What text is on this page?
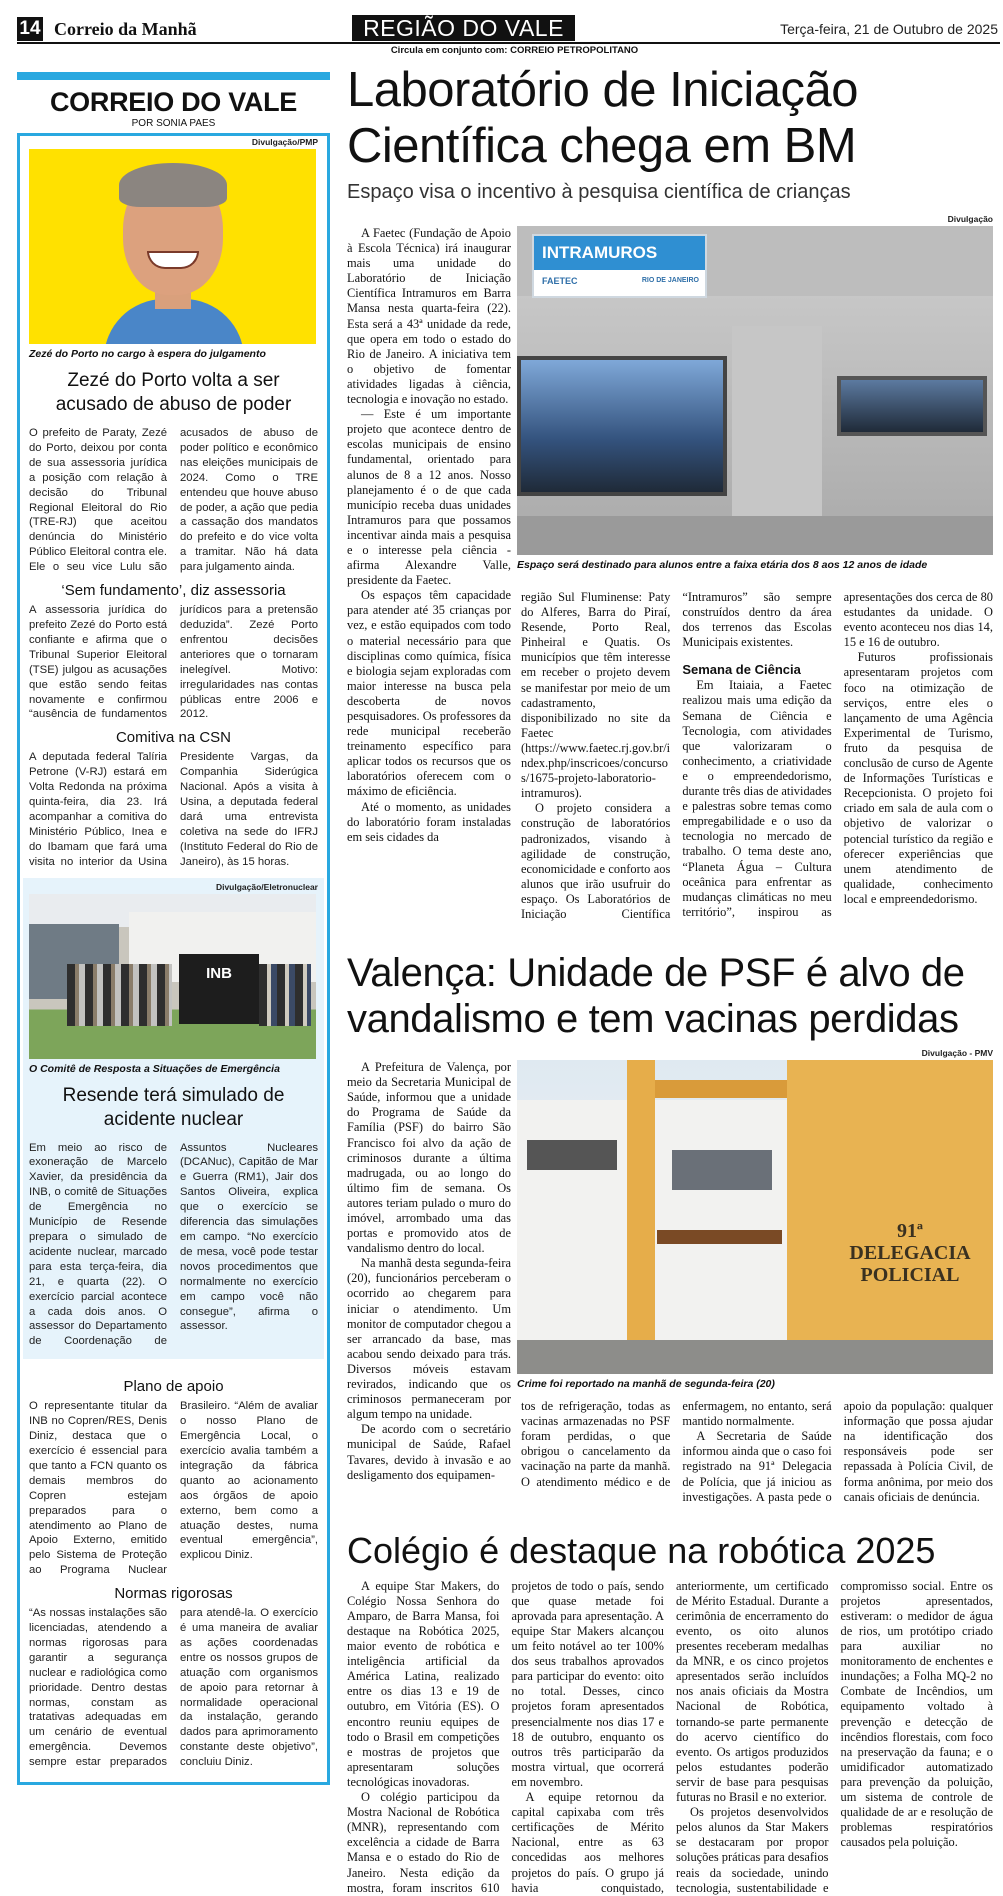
14 Correio da Manhã	REGIÃO DO VALE	Terça-feira, 21 de Outubro de 2025
Circula em conjunto com: CORREIO PETROPOLITANO
CORREIO DO VALE
POR SONIA PAES
Divulgação/PMP
Zezé do Porto no cargo à espera do julgamento
Zezé do Porto volta a ser acusado de abuso de poder
O prefeito de Paraty, Zezé do Porto, deixou por conta de sua assessoria jurídica a posição com relação à decisão do Tribunal Regional Eleitoral do Rio (TRE-RJ) que aceitou denúncia do Ministério Público Eleitoral contra ele. Ele o seu vice Lulu são acusados de abuso de poder político e econômico nas eleições municipais de 2024. Como o TRE entendeu que houve abuso de poder, a ação que pedia a cassação dos mandatos do prefeito e do vice volta a tramitar. Não há data para julgamento ainda.
‘Sem fundamento’, diz assessoria
A assessoria jurídica do prefeito Zezé do Porto está confiante e afirma que o Tribunal Superior Eleitoral (TSE) julgou as acusações que estão sendo feitas novamente e confirmou “ausência de fundamentos jurídicos para a pretensão deduzida”. Zezé Porto enfrentou decisões anteriores que o tornaram inelegível. Motivo: irregularidades nas contas públicas entre 2006 e 2012.
Comitiva na CSN
A deputada federal Talíria Petrone (V-RJ) estará em Volta Redonda na próxima quinta-feira, dia 23. Irá acompanhar a comitiva do Ministério Público, Inea e do Ibamam que fará uma visita no interior da Usina Presidente Vargas, da Companhia Siderúgica Nacional. Após a visita à Usina, a deputada federal dará uma entrevista coletiva na sede do IFRJ (Instituto Federal do Rio de Janeiro), às 15 horas.
Divulgação/Eletronuclear
INB
O Comitê de Resposta a Situações de Emergência
Resende terá simulado de acidente nuclear
Em meio ao risco de exoneração de Marcelo Xavier, da presidência da INB, o comitê de Situações de Emergência no Município de Resende prepara o simulado de acidente nuclear, marcado para esta terça-feira, dia 21, e quarta (22). O exercício parcial acontece a cada dois anos. O assessor do Departamento de Coordenação de Assuntos Nucleares (DCANuc), Capitão de Mar e Guerra (RM1), Jair dos Santos Oliveira, explica que o exercício se diferencia das simulações em campo. “No exercício de mesa, você pode testar novos procedimentos que normalmente no exercício em campo você não consegue”, afirma o assessor.
Plano de apoio
O representante titular da INB no Copren/RES, Denis Diniz, destaca que o exercício é essencial para que tanto a FCN quanto os demais membros do Copren estejam preparados para o atendimento ao Plano de Apoio Externo, emitido pelo Sistema de Proteção ao Programa Nuclear Brasileiro. “Além de avaliar o nosso Plano de Emergência Local, o exercício avalia também a integração da fábrica quanto ao acionamento aos órgãos de apoio externo, bem como a atuação destes, numa eventual emergência”, explicou Diniz.
Normas rigorosas
“As nossas instalações são licenciadas, atendendo a normas rigorosas para garantir a segurança nuclear e radiológica como prioridade. Dentro destas normas, constam as tratativas adequadas em um cenário de eventual emergência. Devemos sempre estar preparados para atendê-la. O exercício é uma maneira de avaliar as ações coordenadas entre os nossos grupos de atuação com organismos de apoio para retornar à normalidade operacional da instalação, gerando dados para aprimoramento constante deste objetivo”, concluiu Diniz.
Laboratório de Iniciação Científica chega em BM
Espaço visa o incentivo à pesquisa científica de crianças

A Faetec (Fundação de Apoio à Escola Técnica) irá inaugurar mais uma unidade do Laboratório de Iniciação Científica Intramuros em Barra Mansa nesta quarta-feira (22). Esta será a 43ª unidade da rede, que opera em todo o estado do Rio de Janeiro. A iniciativa tem o objetivo de fomentar atividades ligadas à ciência, tecnologia e inovação no estado.

— Este é um importante projeto que acontece dentro de escolas municipais de ensino fundamental, orientado para alunos de 8 a 12 anos. Nosso planejamento é o de que cada município receba duas unidades Intramuros para que possamos incentivar ainda mais a pesquisa e o interesse pela ciência - afirma Alexandre Valle, presidente da Faetec.

Os espaços têm capacidade para atender até 35 crianças por vez, e estão equipados com todo o material necessário para que disciplinas como química, física e biologia sejam exploradas com maior interesse na busca pela descoberta de novos pesquisadores. Os professores da rede municipal receberão treinamento específico para aplicar todos os recursos que os laboratórios oferecem com o máximo de eficiência.

Até o momento, as unidades do laboratório foram instaladas em seis cidades da

Divulgação
INTRAMUROS
FAETEC	RIO DE JANEIRO
Espaço será destinado para alunos entre a faixa etária dos 8 aos 12 anos de idade

região Sul Fluminense: Paty do Alferes, Barra do Piraí, Resende, Porto Real, Pinheiral e Quatis. Os municípios que têm interesse em receber o projeto devem se manifestar por meio de um cadastramento, disponibilizado no site da Faetec (https://www.faetec.rj.gov.br/index.php/inscricoes/concursos/1675-projeto-laboratorio-intramuros).

O projeto considera a construção de laboratórios padronizados, visando à agilidade de construção, economicidade e conforto aos alunos que irão usufruir do espaço. Os Laboratórios de Iniciação Científica “Intramuros” são sempre construídos dentro da área dos terrenos das Escolas Municipais existentes.

Semana de Ciência

Em Itaiaia, a Faetec realizou mais uma edição da Semana de Ciência e Tecnologia, com atividades que valorizaram o conhecimento, a criatividade e o empreendedorismo, durante três dias de atividades e palestras sobre temas como empregabilidade e o uso da tecnologia no mercado de trabalho. O tema deste ano, “Planeta Água – Cultura oceânica para enfrentar as mudanças climáticas no meu território”, inspirou as apresentações dos cerca de 80 estudantes da unidade. O evento aconteceu nos dias 14, 15 e 16 de outubro.

Futuros profissionais apresentaram projetos com foco na otimização de serviços, entre eles o lançamento de uma Agência Experimental de Turismo, fruto da pesquisa de conclusão de curso de Agente de Informações Turísticas e Recepcionista. O projeto foi criado em sala de aula com o objetivo de valorizar o potencial turístico da região e oferecer experiências que unem atendimento de qualidade, conhecimento local e empreendedorismo.

Valença: Unidade de PSF é alvo de vandalismo e tem vacinas perdidas

A Prefeitura de Valença, por meio da Secretaria Municipal de Saúde, informou que a unidade do Programa de Saúde da Família (PSF) do bairro São Francisco foi alvo da ação de criminosos durante a última madrugada, ou ao longo do último fim de semana. Os autores teriam pulado o muro do imóvel, arrombado uma das portas e promovido atos de vandalismo dentro do local.

Na manhã desta segunda-feira (20), funcionários perceberam o ocorrido ao chegarem para iniciar o atendimento. Um monitor de computador chegou a ser arrancado da base, mas acabou sendo deixado para trás. Diversos móveis estavam revirados, indicando que os criminosos permaneceram por algum tempo na unidade.

De acordo com o secretário municipal de Saúde, Rafael Tavares, devido à invasão e ao desligamento dos equipamen-

Divulgação - PMV
91ª DELEGACIA POLICIAL
Crime foi reportado na manhã de segunda-feira (20)

tos de refrigeração, todas as vacinas armazenadas no PSF foram perdidas, o que obrigou o cancelamento da vacinação na parte da manhã. O atendimento médico e de enfermagem, no entanto, será mantido normalmente.

A Secretaria de Saúde informou ainda que o caso foi registrado na 91ª Delegacia de Polícia, que já iniciou as investigações. A pasta pede o apoio da população: qualquer informação que possa ajudar na identificação dos responsáveis pode ser repassada à Polícia Civil, de forma anônima, por meio dos canais oficiais de denúncia.

Colégio é destaque na robótica 2025

A equipe Star Makers, do Colégio Nossa Senhora do Amparo, de Barra Mansa, foi destaque na Robótica 2025, maior evento de robótica e inteligência artificial da América Latina, realizado entre os dias 13 e 19 de outubro, em Vitória (ES). O encontro reuniu equipes de todo o Brasil em competições e mostras de projetos que apresentaram soluções tecnológicas inovadoras.

O colégio participou da Mostra Nacional de Robótica (MNR), representando com excelência a cidade de Barra Mansa e o estado do Rio de Janeiro. Nesta edição da mostra, foram inscritos 610 projetos de todo o país, sendo que quase metade foi aprovada para apresentação. A equipe Star Makers alcançou um feito notável ao ter 100% dos seus trabalhos aprovados para participar do evento: oito no total. Desses, cinco projetos foram apresentados presencialmente nos dias 17 e 18 de outubro, enquanto os outros três participarão da mostra virtual, que ocorrerá em novembro.

A equipe retornou da capital capixaba com três certificações de Mérito Nacional, entre as 63 concedidas aos melhores projetos do país. O grupo já havia conquistado, anteriormente, um certificado de Mérito Estadual. Durante a cerimônia de encerramento do evento, os oito alunos presentes receberam medalhas da MNR, e os cinco projetos apresentados serão incluídos nos anais oficiais da Mostra Nacional de Robótica, tornando-se parte permanente do acervo científico do evento. Os artigos produzidos pelos estudantes poderão servir de base para pesquisas futuras no Brasil e no exterior.

Os projetos desenvolvidos pelos alunos da Star Makers se destacaram por propor soluções práticas para desafios reais da sociedade, unindo tecnologia, sustentabilidade e compromisso social. Entre os projetos apresentados, estiveram: o medidor de água de rios, um protótipo criado para auxiliar no monitoramento de enchentes e inundações; a Folha MQ-2 no Combate de Incêndios, um equipamento voltado à prevenção e detecção de incêndios florestais, com foco na preservação da fauna; e o umidificador automatizado para prevenção da poluição, um sistema de controle de qualidade de ar e resolução de problemas respiratórios causados pela poluição.
